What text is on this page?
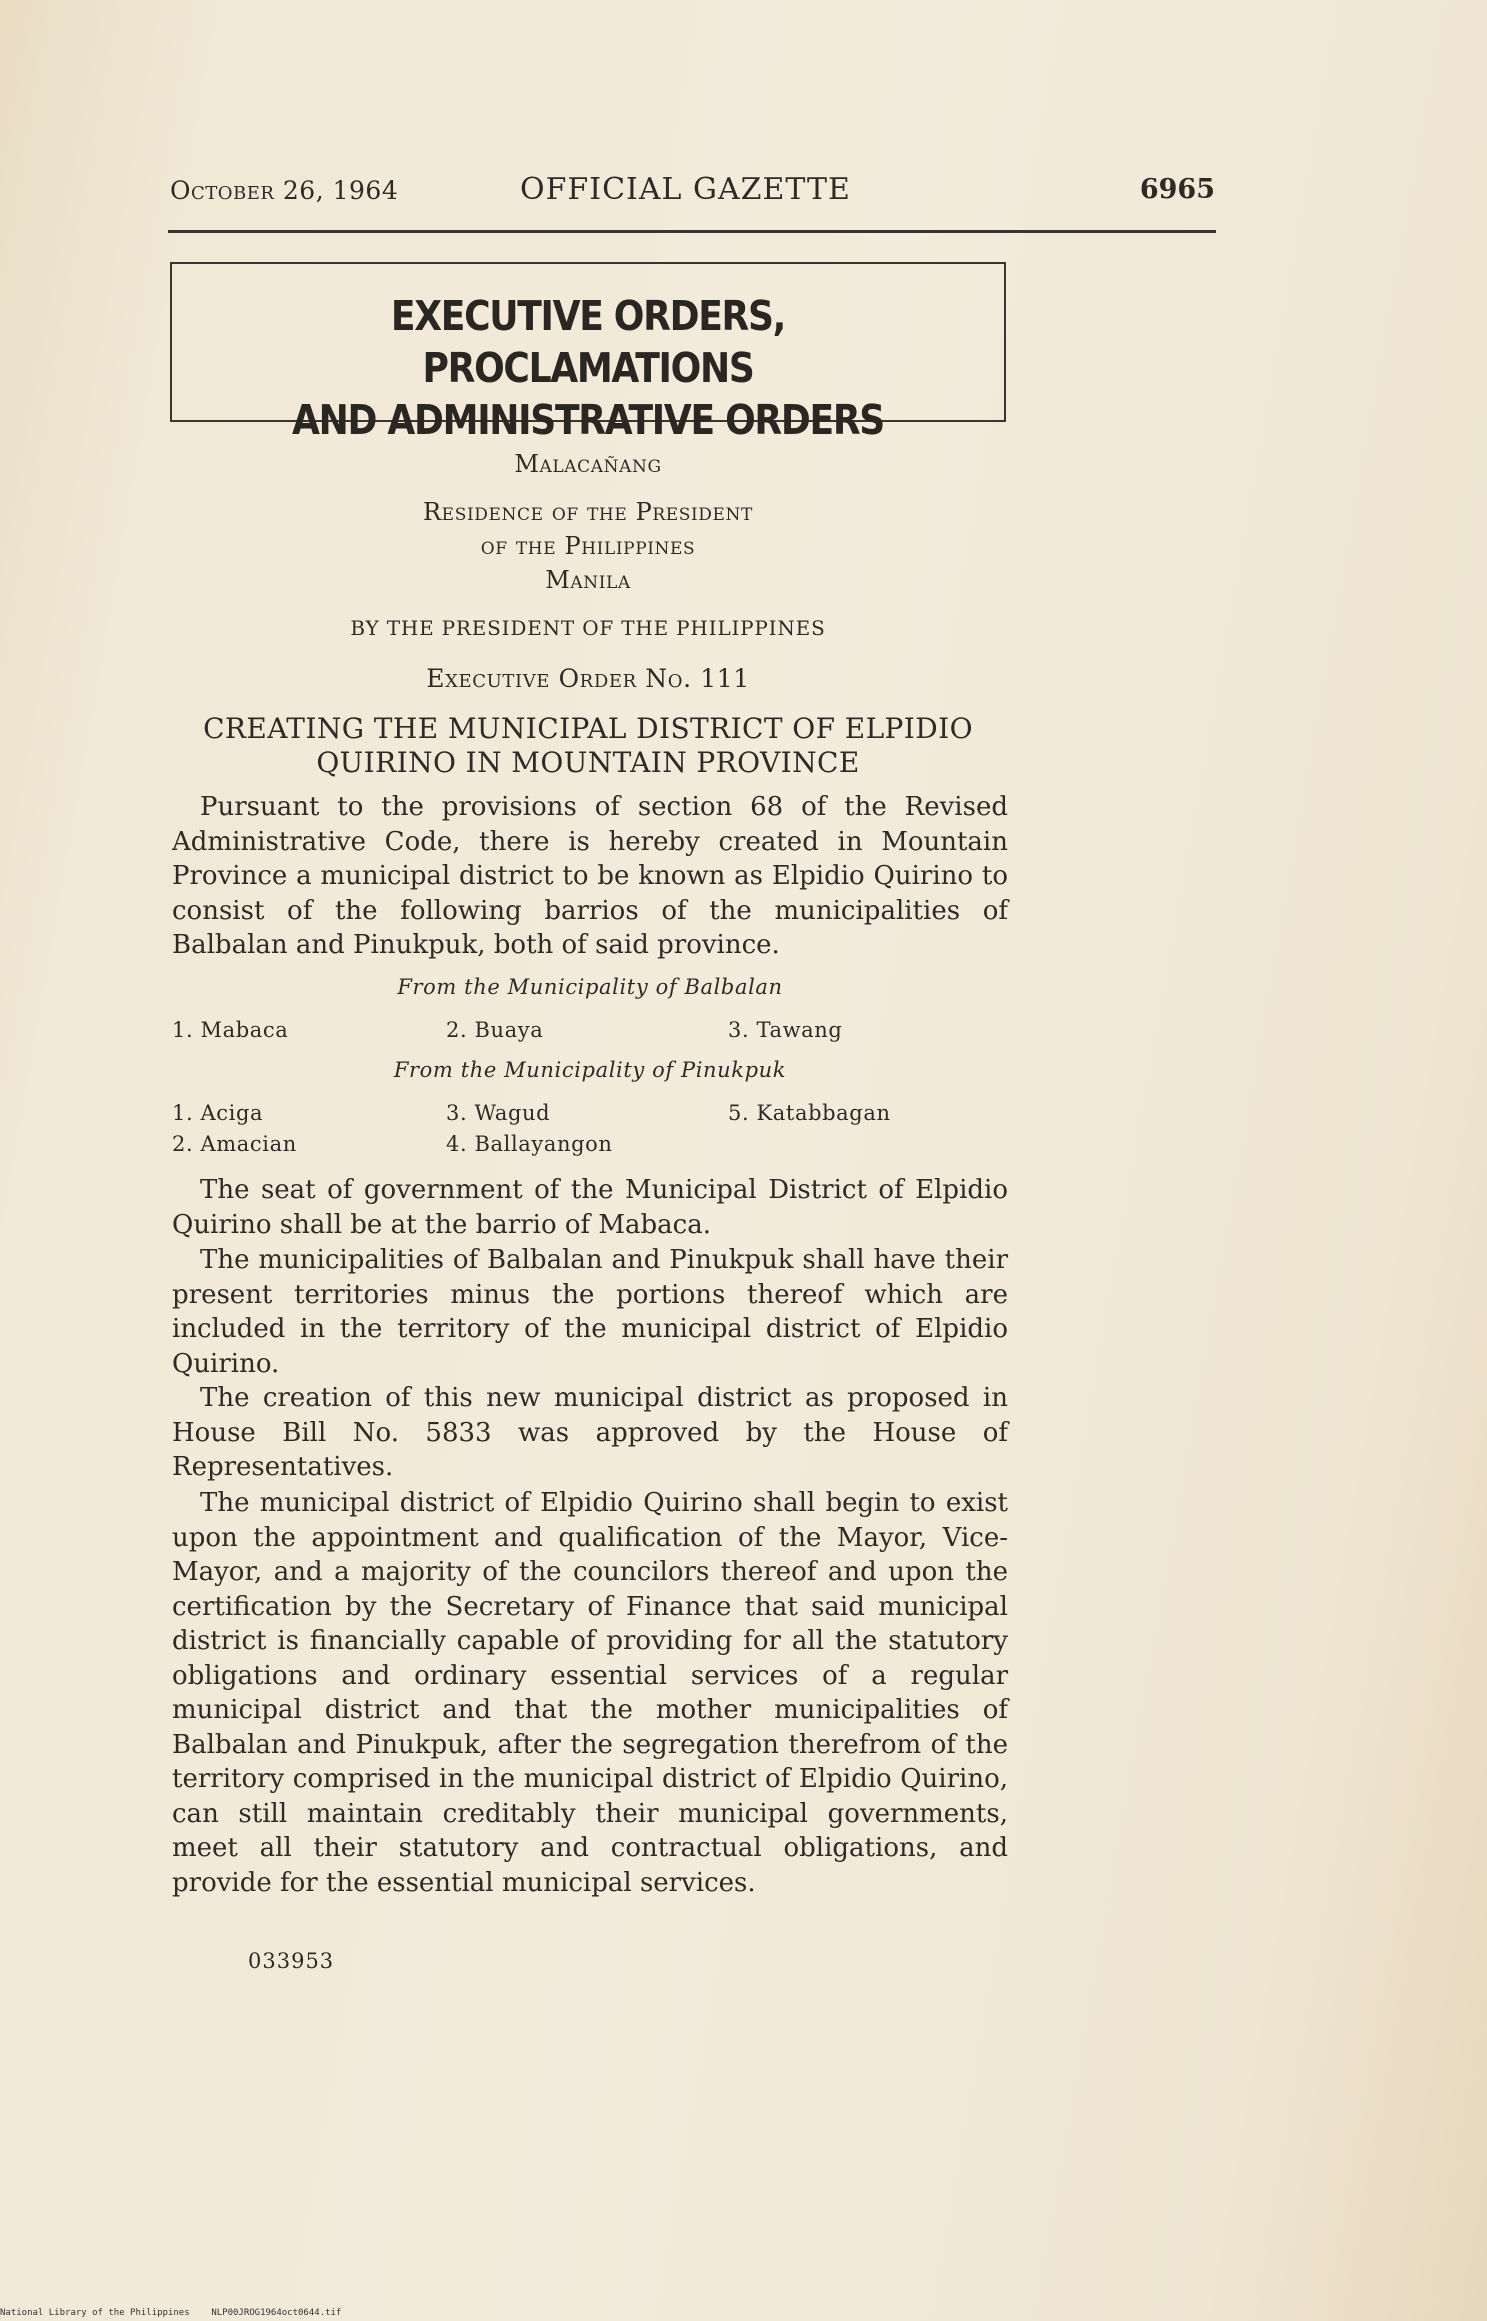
October 26, 1964	OFFICIAL GAZETTE	6965
EXECUTIVE ORDERS, PROCLAMATIONS
AND ADMINISTRATIVE ORDERS
Malacañang
Residence of the President
of the Philippines
Manila
BY THE PRESIDENT OF THE PHILIPPINES
Executive Order No. 111
CREATING THE MUNICIPAL DISTRICT OF ELPIDIO
QUIRINO IN MOUNTAIN PROVINCE

Pursuant to the provisions of section 68 of the Revised Administrative Code, there is hereby created in Mountain Province a municipal district to be known as Elpidio Quirino to consist of the following barrios of the municipalities of Balbalan and Pinukpuk, both of said province.

From the Municipality of Balbalan
1. Mabaca	2. Buaya	3. Tawang
From the Municipality of Pinukpuk
1. Aciga	3. Wagud	5. Katabbagan
2. Amacian	4. Ballayangon

The seat of government of the Municipal District of Elpidio Quirino shall be at the barrio of Mabaca.

The municipalities of Balbalan and Pinukpuk shall have their present territories minus the portions thereof which are included in the territory of the municipal district of Elpidio Quirino.

The creation of this new municipal district as proposed in House Bill No. 5833 was approved by the House of Representatives.

The municipal district of Elpidio Quirino shall begin to exist upon the appointment and qualification of the Mayor, Vice-Mayor, and a majority of the councilors thereof and upon the certification by the Secretary of Finance that said municipal district is financially capable of providing for all the statutory obligations and ordinary essential services of a regular municipal district and that the mother municipalities of Balbalan and Pinukpuk, after the segregation therefrom of the territory comprised in the municipal district of Elpidio Quirino, can still maintain creditably their municipal governments, meet all their statutory and contractual obligations, and provide for the essential municipal services.

033953
National Library of the Philippines    NLP00JROG1964oct0644.tif
